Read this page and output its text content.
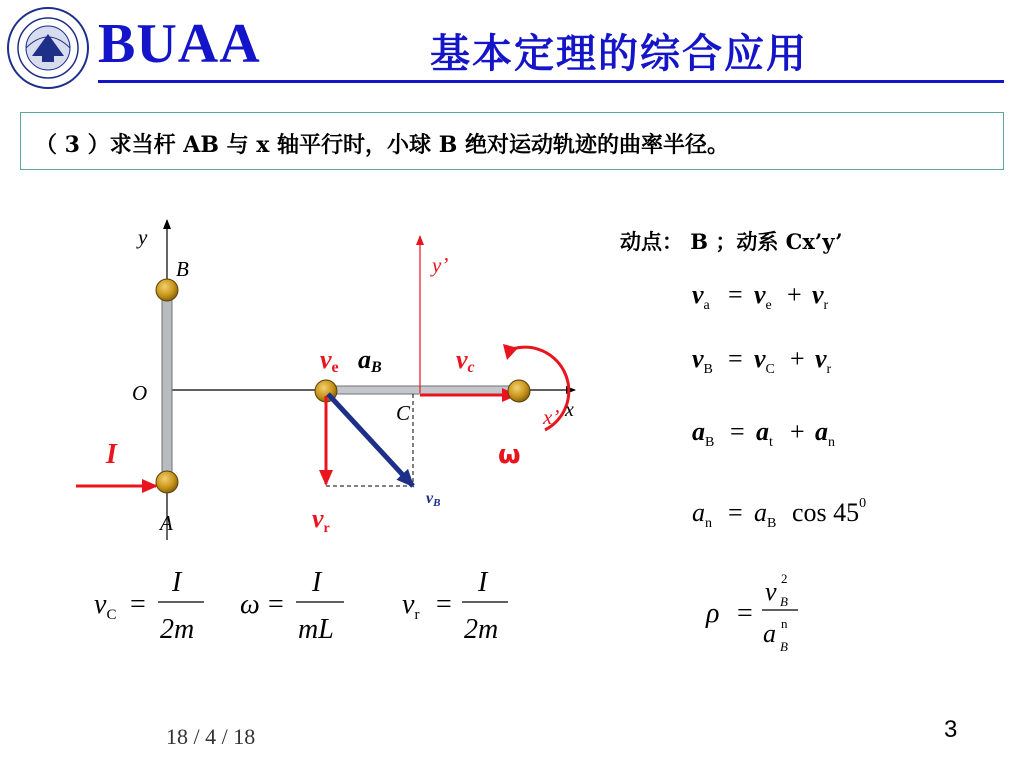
BUAA	基本定理的综合应用
（ 3 ）求当杆 AB 与 x 轴平行时，小球 B 绝对运动轨迹的曲率半径。
动点： B ；动系 Cx’y’
y
B
O
A
I
y’
x’ x
C
ω
ve aB	vc
vB
vr
$v_a = v_e + v_r$
$v_B = v_C + v_r$
$a_B = a_t + a_n$
$a_n = a_B$ $\cos 45^0$
ρ =
v 2
B
a n
B
$v_C$ =
I
2m
ω =
I
mL
$v_r$ =
I
2m
18 / 4 / 18	3
